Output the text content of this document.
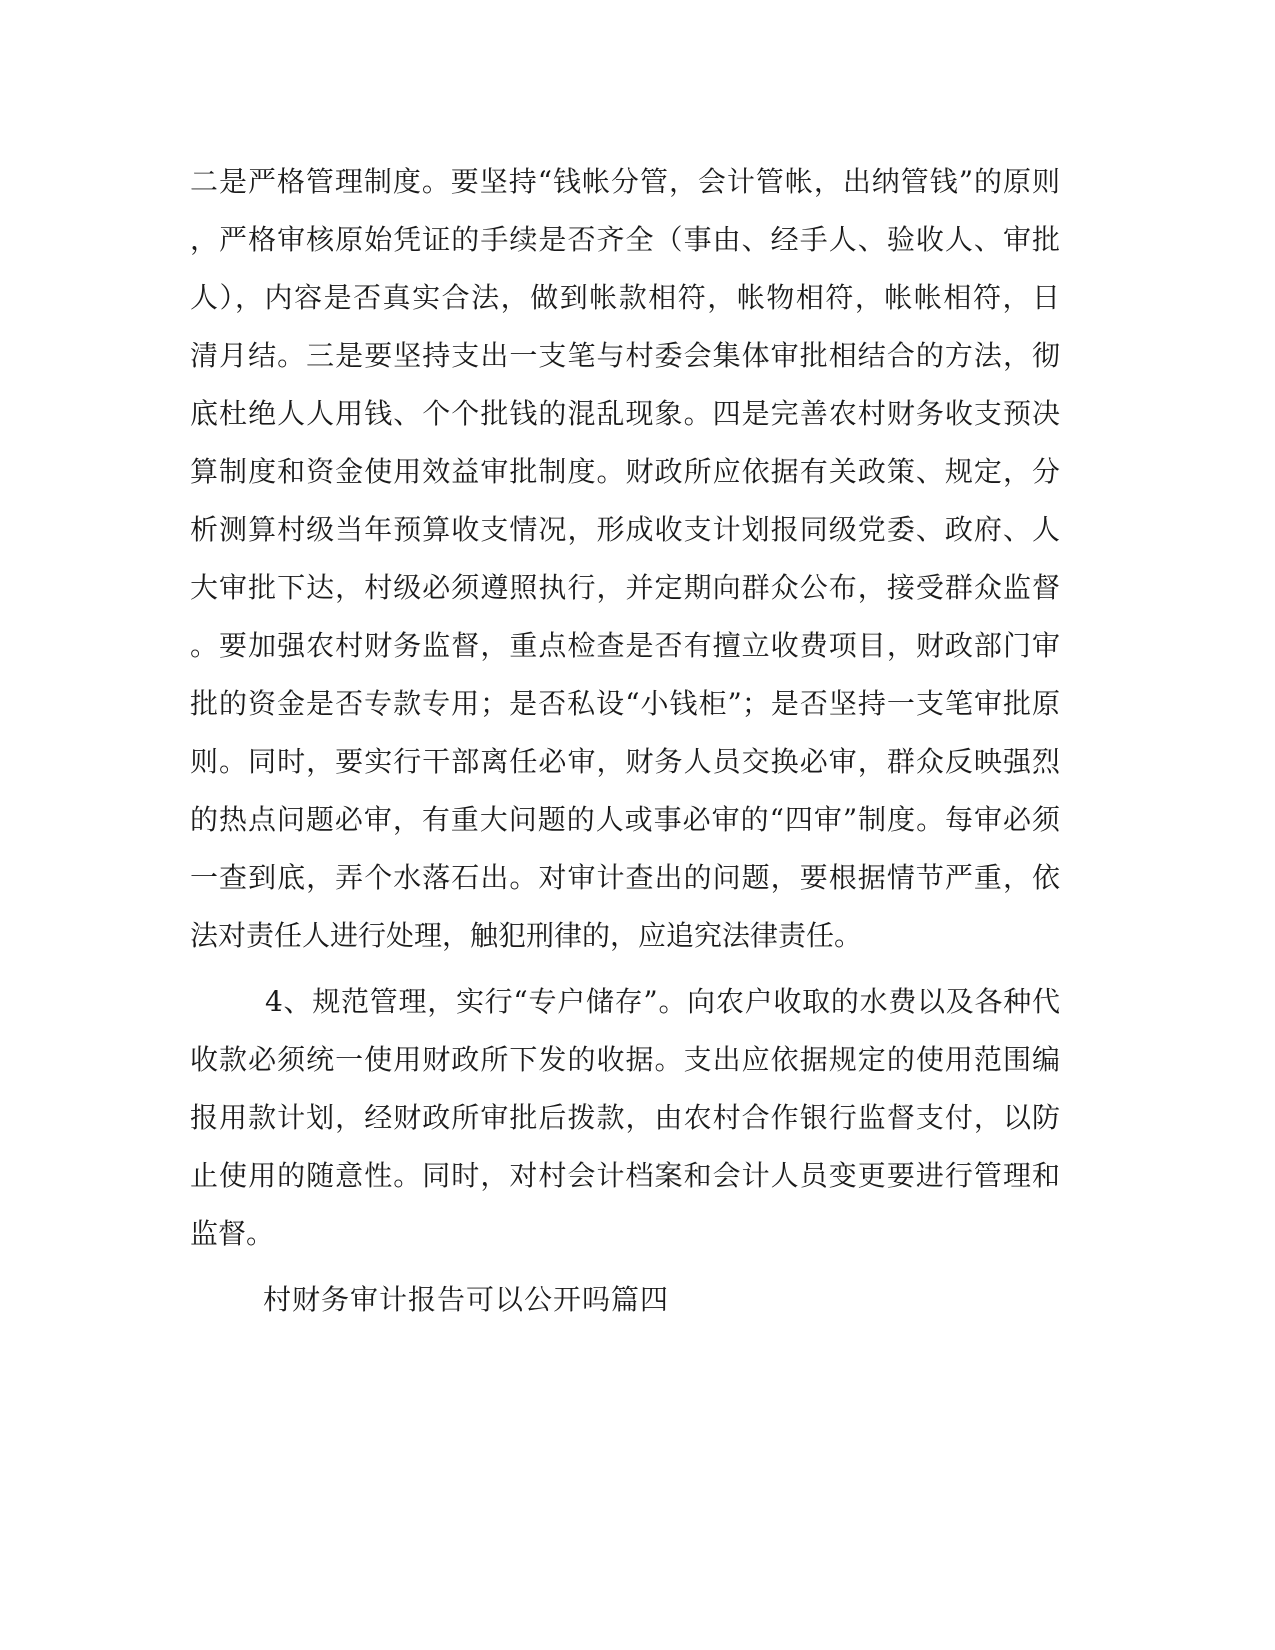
二是严格管理制度。要坚持“钱帐分管，会计管帐，出纳管钱”的原则
，严格审核原始凭证的手续是否齐全（事由、经手人、验收人、审批
人），内容是否真实合法，做到帐款相符，帐物相符，帐帐相符，日
清月结。三是要坚持支出一支笔与村委会集体审批相结合的方法，彻
底杜绝人人用钱、个个批钱的混乱现象。四是完善农村财务收支预决
算制度和资金使用效益审批制度。财政所应依据有关政策、规定，分
析测算村级当年预算收支情况，形成收支计划报同级党委、政府、人
大审批下达，村级必须遵照执行，并定期向群众公布，接受群众监督
。要加强农村财务监督，重点检查是否有擅立收费项目，财政部门审
批的资金是否专款专用；是否私设“小钱柜”；是否坚持一支笔审批原
则。同时，要实行干部离任必审，财务人员交换必审，群众反映强烈
的热点问题必审，有重大问题的人或事必审的“四审”制度。每审必须
一查到底，弄个水落石出。对审计查出的问题，要根据情节严重，依
法对责任人进行处理，触犯刑律的，应追究法律责任。
4、规范管理，实行“专户储存”。向农户收取的水费以及各种代
收款必须统一使用财政所下发的收据。支出应依据规定的使用范围编
报用款计划，经财政所审批后拨款，由农村合作银行监督支付，以防
止使用的随意性。同时，对村会计档案和会计人员变更要进行管理和
监督。
村财务审计报告可以公开吗篇四
